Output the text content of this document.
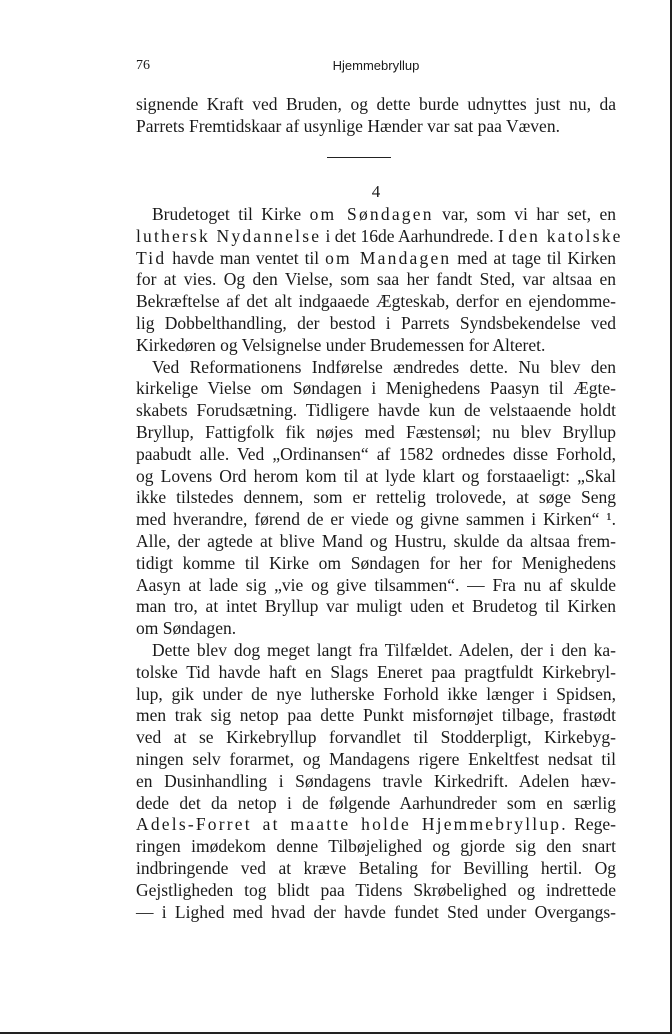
76	Hjemmebryllup
signende Kraft ved Bruden, og dette burde udnyttes just nu, da
Parrets Fremtidskaar af usynlige Hænder var sat paa Væven.
4
Brudetoget til Kirke om Søndagen var, som vi har set, en
luthersk Nydannelse i det 16de Aarhundrede. I den katolske
Tid havde man ventet til om Mandagen med at tage til Kirken
for at vies. Og den Vielse, som saa her fandt Sted, var altsaa en
Bekræftelse af det alt indgaaede Ægteskab, derfor en ejendomme-
lig Dobbelthandling, der bestod i Parrets Syndsbekendelse ved
Kirkedøren og Velsignelse under Brudemessen for Alteret.
Ved Reformationens Indførelse ændredes dette. Nu blev den
kirkelige Vielse om Søndagen i Menighedens Paasyn til Ægte-
skabets Forudsætning. Tidligere havde kun de velstaaende holdt
Bryllup, Fattigfolk fik nøjes med Fæstensøl; nu blev Bryllup
paabudt alle. Ved „Ordinansen“ af 1582 ordnedes disse Forhold,
og Lovens Ord herom kom til at lyde klart og forstaaeligt: „Skal
ikke tilstedes dennem, som er rettelig trolovede, at søge Seng
med hverandre, førend de er viede og givne sammen i Kirken“ ¹.
Alle, der agtede at blive Mand og Hustru, skulde da altsaa frem-
tidigt komme til Kirke om Søndagen for her for Menighedens
Aasyn at lade sig „vie og give tilsammen“. — Fra nu af skulde
man tro, at intet Bryllup var muligt uden et Brudetog til Kirken
om Søndagen.
Dette blev dog meget langt fra Tilfældet. Adelen, der i den ka-
tolske Tid havde haft en Slags Eneret paa pragtfuldt Kirkebryl-
lup, gik under de nye lutherske Forhold ikke længer i Spidsen,
men trak sig netop paa dette Punkt misfornøjet tilbage, frastødt
ved at se Kirkebryllup forvandlet til Stodderpligt, Kirkebyg-
ningen selv forarmet, og Mandagens rigere Enkeltfest nedsat til
en Dusinhandling i Søndagens travle Kirkedrift. Adelen hæv-
dede det da netop i de følgende Aarhundreder som en særlig
Adels-Forret at maatte holde Hjemmebryllup. Rege-
ringen imødekom denne Tilbøjelighed og gjorde sig den snart
indbringende ved at kræve Betaling for Bevilling hertil. Og
Gejstligheden tog blidt paa Tidens Skrøbelighed og indrettede
— i Lighed med hvad der havde fundet Sted under Overgangs-
